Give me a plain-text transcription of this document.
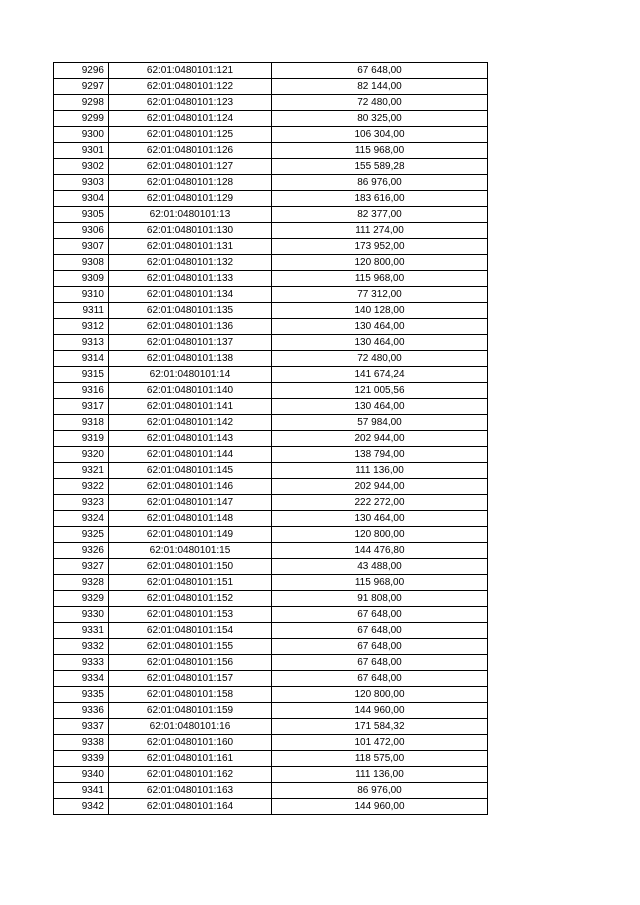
9296	62:01:0480101:121	67 648,00
9297	62:01:0480101:122	82 144,00
9298	62:01:0480101:123	72 480,00
9299	62:01:0480101:124	80 325,00
9300	62:01:0480101:125	106 304,00
9301	62:01:0480101:126	115 968,00
9302	62:01:0480101:127	155 589,28
9303	62:01:0480101:128	86 976,00
9304	62:01:0480101:129	183 616,00
9305	62:01:0480101:13	82 377,00
9306	62:01:0480101:130	111 274,00
9307	62:01:0480101:131	173 952,00
9308	62:01:0480101:132	120 800,00
9309	62:01:0480101:133	115 968,00
9310	62:01:0480101:134	77 312,00
9311	62:01:0480101:135	140 128,00
9312	62:01:0480101:136	130 464,00
9313	62:01:0480101:137	130 464,00
9314	62:01:0480101:138	72 480,00
9315	62:01:0480101:14	141 674,24
9316	62:01:0480101:140	121 005,56
9317	62:01:0480101:141	130 464,00
9318	62:01:0480101:142	57 984,00
9319	62:01:0480101:143	202 944,00
9320	62:01:0480101:144	138 794,00
9321	62:01:0480101:145	111 136,00
9322	62:01:0480101:146	202 944,00
9323	62:01:0480101:147	222 272,00
9324	62:01:0480101:148	130 464,00
9325	62:01:0480101:149	120 800,00
9326	62:01:0480101:15	144 476,80
9327	62:01:0480101:150	43 488,00
9328	62:01:0480101:151	115 968,00
9329	62:01:0480101:152	91 808,00
9330	62:01:0480101:153	67 648,00
9331	62:01:0480101:154	67 648,00
9332	62:01:0480101:155	67 648,00
9333	62:01:0480101:156	67 648,00
9334	62:01:0480101:157	67 648,00
9335	62:01:0480101:158	120 800,00
9336	62:01:0480101:159	144 960,00
9337	62:01:0480101:16	171 584,32
9338	62:01:0480101:160	101 472,00
9339	62:01:0480101:161	118 575,00
9340	62:01:0480101:162	111 136,00
9341	62:01:0480101:163	86 976,00
9342	62:01:0480101:164	144 960,00
